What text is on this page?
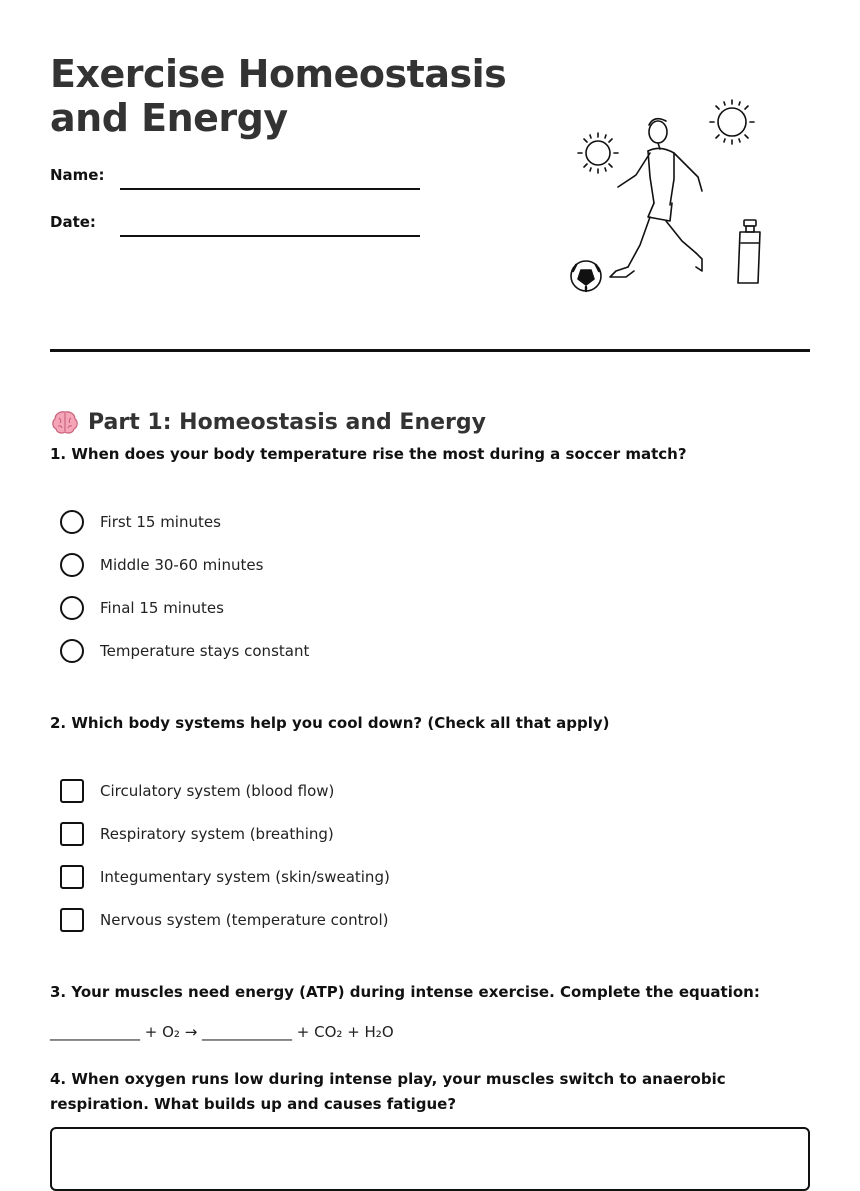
Exercise Homeostasis
and Energy
Name:
Date:
Part 1: Homeostasis and Energy
1. When does your body temperature rise the most during a soccer match?
First 15 minutes
Middle 30-60 minutes
Final 15 minutes
Temperature stays constant
2. Which body systems help you cool down? (Check all that apply)
Circulatory system (blood flow)
Respiratory system (breathing)
Integumentary system (skin/sweating)
Nervous system (temperature control)
3. Your muscles need energy (ATP) during intense exercise. Complete the equation:
____________ + O₂ → ____________ + CO₂ + H₂O
4. When oxygen runs low during intense play, your muscles switch to anaerobic respiration. What builds up and causes fatigue?
